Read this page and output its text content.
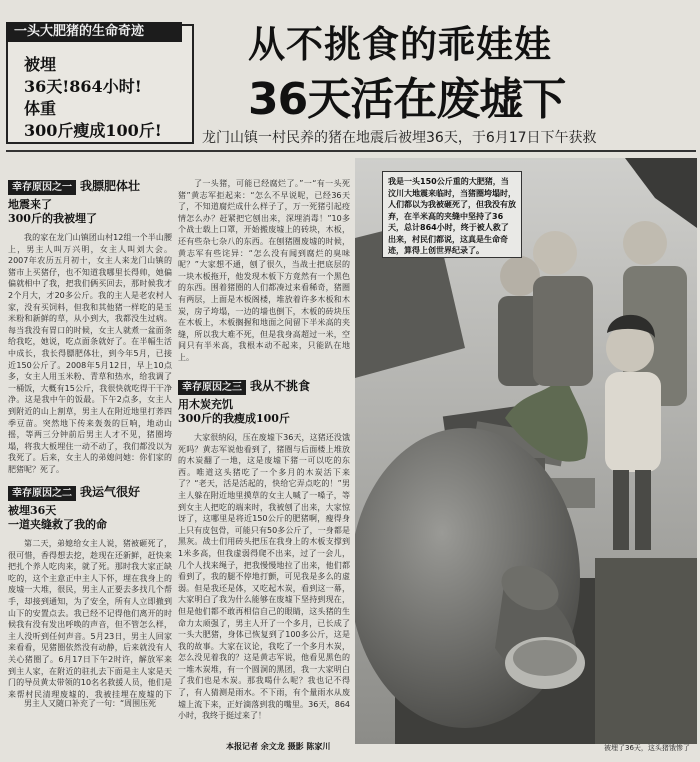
被埋
36天!864小时!
体重
300斤瘦成100斤!
一头大肥猪的生命奇迹	从不挑食的乖娃娃
36天活在废墟下
龙门山镇一村民养的猪在地震后被埋36天，于6月17日下午获救
幸存原因之一 我膘肥体壮
地震来了
300斤的我被埋了

我的家在龙门山镇团山村12组一个半山腰上，男主人叫万兴明，女主人叫刘大会。2007年农历五月初十，女主人来龙门山镇的猪市上买猪仔，也不知道我哪里长得帅，她偏偏就相中了我，把我们俩买回去，那时候我才2个月大，才20多公斤。我的主人是老农村人家，没有买饲料，但我和其他猪一样吃的是玉米粉和新鲜的草，从小到大，我都没生过病。每当我没有胃口的时候，女主人就煮一盆面条给我吃，她说，吃点面条就好了。在半幅生活中成长，我长得膘肥体壮，到今年5月，已接近150公斤了。2008年5月12日，早上10点多，女主人用玉米粉、青草和热水，给我调了一桶饭，大概有15公斤，我很快就吃得干干净净。这是我中午的饭最。下午2点多，女主人到附近的山上割草，男主人在附近地里打荞四季豆苗。突然地下传来轰轰的巨响，地动山摇，等两三分钟前后男主人才不见，猪圈垮塌，将我大板埋住一动不动了，我们都没以为我死了。后来，女主人的弟媳问她：你们家的肥猪呢？死了。

幸存原因之二 我运气很好
被埋36天
一道夹缝救了我的命

第二天，弟媳给女主人说，猪被砸死了，很可惜，香得想去挖，趁现在还新鲜，赶快来把扎个养人吃肉来，就了死。那时我大家正缺吃的，这个主意正中主人下怀，埋在我身上的废墟一大堆，很民，男主人正要去多找几个帮手，却接到通知，为了安全，所有人立即撤到山下的安置点去。我已经不记得他们离开的时候我有没有发出呼唤的声音，但不管怎么样，主人没听到任何声音。5月23日，男主人回家来看看，见猪圈依然没有动静，后来就没有人关心猪圈了。6月17日下午2时许，解放军来到主人家，在附近的驻扎去下面是主人家是天门的导员黄太带领的10名名救援人员，他们是来帮村民清理废墟的，我被挂埋在废墟的下

男主人又随口补充了一句：“周围压死

了一头猪，可能已经腐烂了。”一“有一头死猪”黄志军拒起来：“怎么不早说呢，已经36天了，不知道腐烂成什么样子了，万一死猪引起疫情怎么办？赶紧把它刨出来，深埋消毒！”10多个战士载上口罩，开始搬废墟上的砖块，木板，还有些杂七杂八的东西。在刨猪圈废墟的时候，黄志军有些诧异：“怎么没有闻到腐烂的臭味呢？”大家想不通，刨了很久，当战士把底层的一块木板拖开，他发现木板下方竟然有一个黑色的东西。围着猪圈的人们都凑过来看稀奇，猪圈有两层，上面是木板阁楼，堆放着许多木板和木炭，房子垮塌，一边的墙也倒下，木板的砖块压在木板上，木板搁握和地面之间留下半米高的夹缝，所以我大难不死，但是我身高超过一米，空间只有半米高，我根本动不起来，只能趴在地上。

幸存原因之三 我从不挑食
用木炭充饥
300斤的我瘦成100斤

大家很纳闷，压在废墟下36天，这猪还没饿死吗？黄志军说他看到了，猪圈与后面楼上堆放的木炭翻了一地，这是废墟下猪一可以吃的东西。唯道这头猪吃了一个多月的木炭活下来了？“老天，活是活起的，快给它弄点吃的！”男主人躲在附近地里摸草的女主人喊了一嗓子，等到女主人把吃的端来时，我被刨了出来，大家惊讶了，这哪里是将近150公斤的肥猪啊，瘦得身上只有皮包骨，可能只有50多公斤了，一身都是黑灰。战士们用砖头把压在我身上的木板支撑到1米多高，但我虚弱得爬不出来，过了一会儿，几个人找来绳子，把我慢慢地拉了出来，他们都看到了，我的腿不停地打颤，可见我是多么的虚弱。但是我还是体，又吃起木炭，看到这一幕，大家明白了我为什么能够在废墟下坚持到现在，但是他们都不敢再相信自己的眼睛，这头猪的生命力太顽强了，男主人开了一个多月，已长成了一头大肥猪，身体已恢复到了100多公斤，这是我的故事。大家在议论，我吃了一个多月木炭，怎么没见着我的？这是黄志军说，他看见黑色的一堆木炭堆，有一个圆洞的黑团，我一大家明白了我们也是木炭。那我喝什么呢？我也记不得了，有人猜测是雨水。不下雨，有个量雨水从废墟上流下来，正好滴落到我的嘴里。36天，864小时，我终于挺过来了！

本报记者 余文龙 摄影 陈家川
我是一头150公斤重的大肥猪，当汶川大地震来临时，当猪圈垮塌时，人们都以为我被砸死了，但我没有放弃，在半米高的夹缝中坚持了36天，总计864小时，终于被人救了出来，村民们都说，这真是生命奇迹，算得上创世界纪录了。
被埋了36天，这头猪饿惨了
